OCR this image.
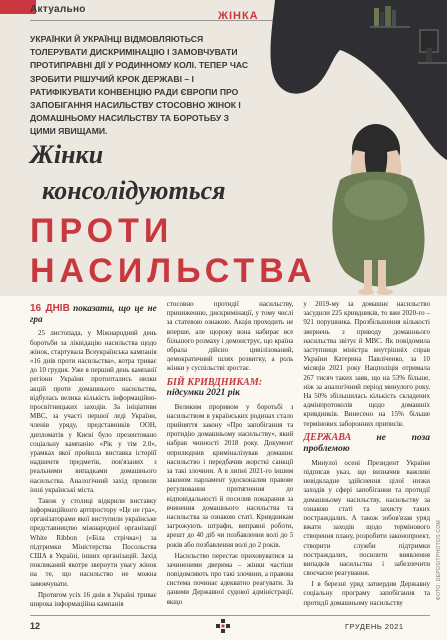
Актуально
ЖІНКА
УКРАЇНКИ Й УКРАЇНЦІ ВІДМОВЛЯЮТЬСЯ ТОЛЕРУВАТИ ДИСКРИМІНАЦІЮ І ЗАМОВЧУВАТИ ПРОТИПРАВНІ ДІЇ У РОДИННОМУ КОЛІ. ТЕПЕР ЧАС ЗРОБИТИ РІШУЧИЙ КРОК ДЕРЖАВІ – І РАТИФІКУВАТИ КОНВЕНЦІЮ РАДИ ЄВРОПИ ПРО ЗАПОБІГАННЯ НАСИЛЬСТВУ СТОСОВНО ЖІНОК І ДОМАШНЬОМУ НАСИЛЬСТВУ ТА БОРОТЬБУ З ЦИМИ ЯВИЩАМИ.
Жінки
консолідуються
ПРОТИ
НАСИЛЬСТВА
16 ДНІВ показати, що це не гра

25 листопада, у Міжнародний день боротьби за ліквідацію насильства щодо жінок, стартувала Всеукраїнська кампанія «16 днів проти насильства», котра триває до 10 грудня. Уже в перший день кампанії регіони України протоптались низки акцій проти домашнього насильства, відбулась велика кількість інформаційно-просвітницьких заходів. За ініціативи МВС, за участі першої леді України, членів уряду, представників ООН, дипломатів у Києві було презентовано соціальну кампанію «Рік у тім 2.0», урамках якої пройшла виставка історіїї надшентя предметів, пов'язаних з реальними випадками домашнього насильства. Аналогічний захід провели інші українські міста.

Також у столиці відкрили виставку інформаційного артпростору «Це не гра», організаторами якої виступили українське представництво міжнародної організації White Ribbon («Біла стрічка») за підтримки Міністерства Посольства США в Україні, інших організацій. Захід покликаний якотре звернути увагу жінок на те, що насильство не можна замовчувати.

Протягом усіх 16 днів в Україні триває широка інформаційна кампанія

стосовно протидії насильству, приниженню, дискримінації, у тому числі за статевою ознакою. Акція проходить не вперше, але щороку вона набирає все більшого розмаху і демонструє, що країна обрала дійсно цивілізований, демократичний шлях розвитку, а роль жінки у суспільстві зростає.

БІЙ КРИВДНИКАМ:
підсумки 2021 рік

Великим проривом у боротьбі з насильством в українських родинах стало прийняття закону «Про запобігання та протидію домашньому насильству», який набрав чинності 2018 року. Документ оприлюднив криміналізував домашнє насильство і передбачив жорсткі санкції за такі злочини. А в липні 2021-го іншим законом парламент удосконалив правове регулювання притягнення до відповідальності й посилив покарання за вчинення домашнього насильства та насильства за ознакою статі. Кривдникам загрожують штрафи, виправні роботи, арешт до 40 діб чи позбавлення волі до 5 років або позбавлення волі до 2 років.

Насильство перестає приховуватися за зачиненими дверима – жінки частіше повідомляють про такі злочини, а правова система починає адекватно реагувати. За даними Державної судової адміністрації, якщо

у 2019-му за домашнє насильство засудили 225 кривдників, то вже 2020-го – 921 порушника. Прозбільшення кількості звернень з приводу домашнього насильства звітує й МВС. Як повідомила заступниця міністра внутрішніх справ України Катерина Павліченко, за 10 місяців 2021 року Нацполіція отримала 267 тисяч таких заяв, що на 53% більше, ніж за аналогічний період минулого року. На 50% збільшилась кількість складених адмінпротоколів щодо домашніх кривдників. Винесено на 15% більше термінових заборонних приписів.

ДЕРЖАВА	не поза проблемою

Минулої осені Президент України підписав указ, що визначив важливі невідкладне здійснення цілої низки заходів у сфері запобігання та протидії домашньому насильству, насильству за ознакою статі та захисту таких постраждалих. А також зобов'язав уряд вжати заходів щодо термінового створення плану, розробити законопроект, створити служби підтримки постраждалих, посилити виявлення випадків насильства і забезпечити своєчасне реагування.

І в березні уряд затвердив Державну соціальну програму запобігання та протидії домашньому насильству

ФОТО: DEPOSITPHOTOS.COM
12	ГРУДЕНЬ 2021
